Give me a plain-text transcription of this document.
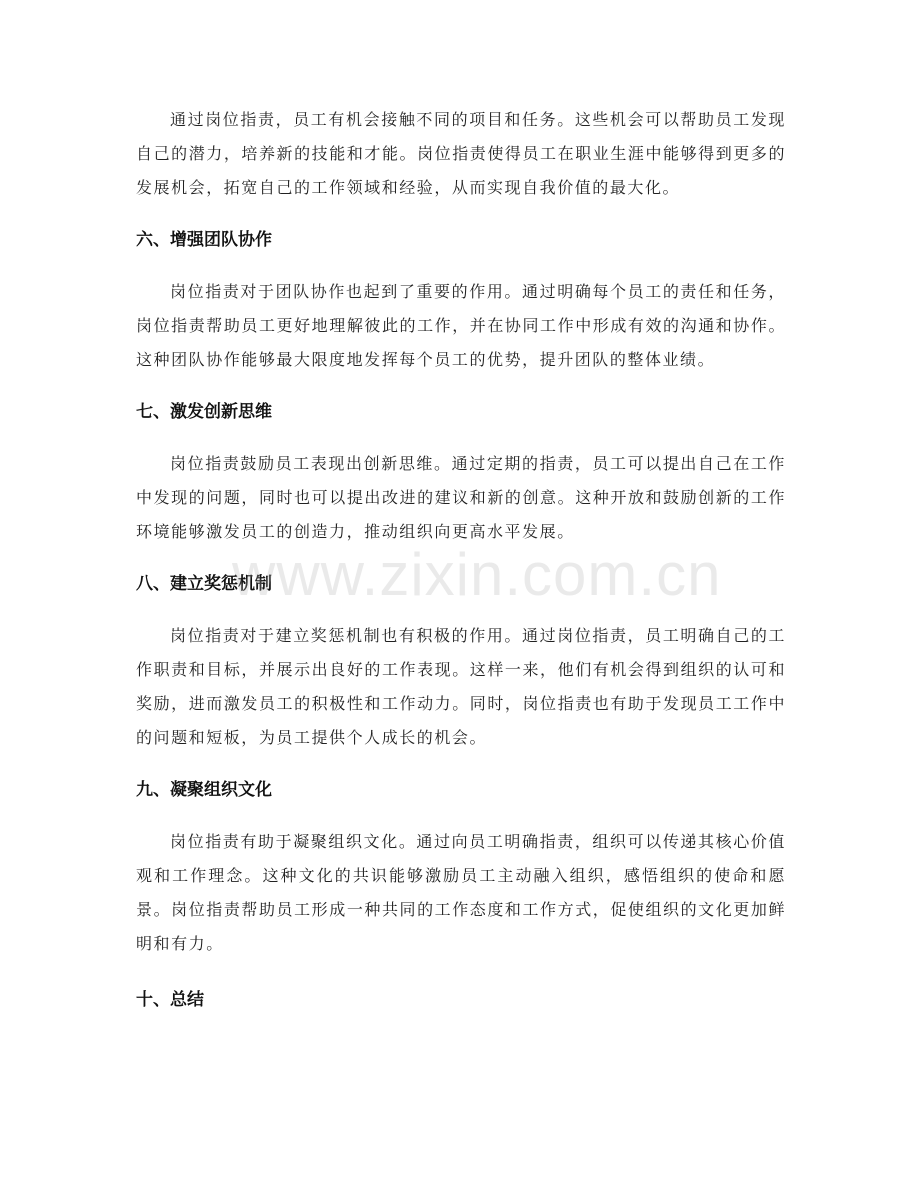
通过岗位指责，员工有机会接触不同的项目和任务。这些机会可以帮助员工发现自己的潜力，培养新的技能和才能。岗位指责使得员工在职业生涯中能够得到更多的发展机会，拓宽自己的工作领域和经验，从而实现自我价值的最大化。

六、增强团队协作

岗位指责对于团队协作也起到了重要的作用。通过明确每个员工的责任和任务，岗位指责帮助员工更好地理解彼此的工作，并在协同工作中形成有效的沟通和协作。这种团队协作能够最大限度地发挥每个员工的优势，提升团队的整体业绩。

七、激发创新思维

岗位指责鼓励员工表现出创新思维。通过定期的指责，员工可以提出自己在工作中发现的问题，同时也可以提出改进的建议和新的创意。这种开放和鼓励创新的工作环境能够激发员工的创造力，推动组织向更高水平发展。

八、建立奖惩机制

岗位指责对于建立奖惩机制也有积极的作用。通过岗位指责，员工明确自己的工作职责和目标，并展示出良好的工作表现。这样一来，他们有机会得到组织的认可和奖励，进而激发员工的积极性和工作动力。同时，岗位指责也有助于发现员工工作中的问题和短板，为员工提供个人成长的机会。

九、凝聚组织文化

岗位指责有助于凝聚组织文化。通过向员工明确指责，组织可以传递其核心价值观和工作理念。这种文化的共识能够激励员工主动融入组织，感悟组织的使命和愿景。岗位指责帮助员工形成一种共同的工作态度和工作方式，促使组织的文化更加鲜明和有力。

十、总结
www.zixin.com.cn
